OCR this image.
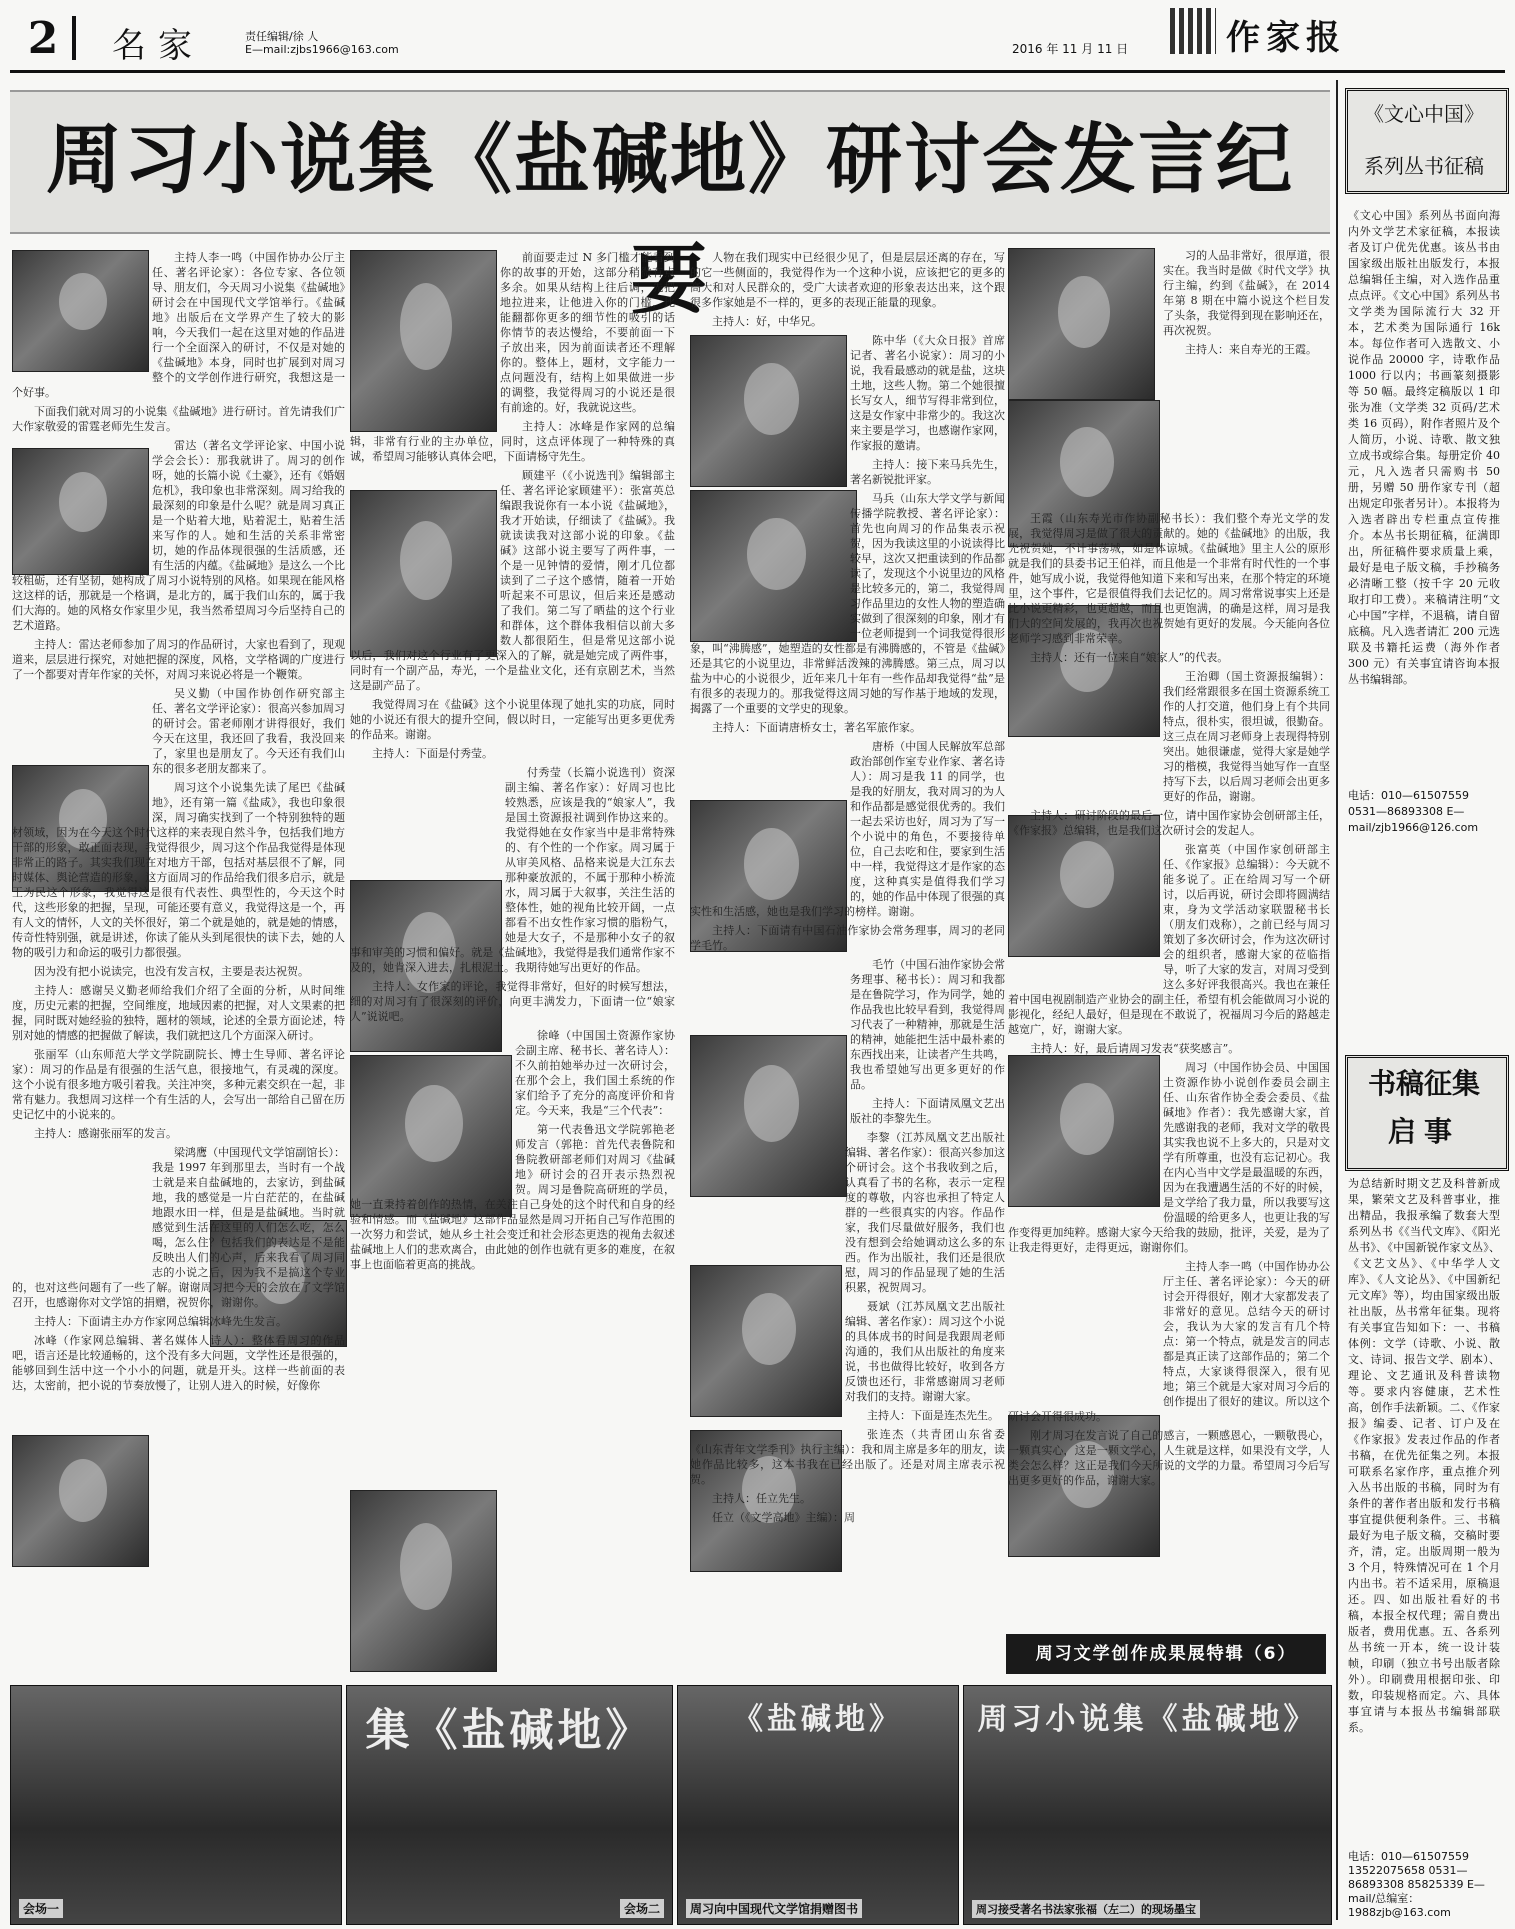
2	名家	责任编辑/徐 人
E—mail:zjbs1966@163.com	2016 年 11 月 11 日	作家报
周习小说集《盐碱地》研讨会发言纪要

主持人李一鸣（中国作协办公厅主任、著名评论家）：各位专家、各位领导、朋友们，今天周习小说集《盐碱地》研讨会在中国现代文学馆举行。《盐碱地》出版后在文学界产生了较大的影响，今天我们一起在这里对她的作品进行一个全面深入的研讨，不仅是对她的《盐碱地》本身，同时也扩展到对周习整个的文学创作进行研究，我想这是一个好事。

下面我们就对周习的小说集《盐碱地》进行研讨。首先请我们广大作家敬爱的雷霆老师先生发言。

雷达（著名文学评论家、中国小说学会会长）：那我就讲了。周习的创作呀，她的长篇小说《土豪》，还有《婚姻危机》，我印象也非常深刻。周习给我的最深刻的印象是什么呢？就是周习真正是一个贴着大地，贴着泥土，贴着生活来写作的人。她和生活的关系非常密切，她的作品体现很强的生活质感，还有生活的内蕴。《盐碱地》是这么一个比较粗砺，还有坚韧，她构成了周习小说特别的风格。如果现在能风格这这样的话，那就是一个格调，是北方的，属于我们山东的，属于我们大海的。她的风格女作家里少见，我当然希望周习今后坚持自己的艺术道路。

主持人：雷达老师参加了周习的作品研讨，大家也看到了，现观道来，层层进行探究，对她把握的深度，风格，文学格调的广度进行了一个都要对青年作家的关怀，对周习来说必将是一个鞭策。

吴义勤（中国作协创作研究部主任、著名文学评论家）：很高兴参加周习的研讨会。雷老师刚才讲得很好，我们今天在这里，我还回了我看，我没回来了，家里也是朋友了。今天还有我们山东的很多老朋友都来了。

周习这个小说集先读了尾巴《盐碱地》，还有第一篇《盐咸》，我也印象很深，周习确实找到了一个特别独特的题材领域，因为在今天这个时代这样的来表现自然斗争，包括我们地方干部的形象，敢正面表现，我觉得很少，周习这个作品我觉得是体现非常正的路子。其实我们现在对地方干部，包括对基层很不了解，同时媒体、舆论营造的形象，这方面周习的作品给我们很多启示，就是王为民这个形象，我觉得这是很有代表性、典型性的，今天这个时代，这些形象的把握，呈现，可能还要有意义，我觉得这是一个，再有人文的情怀，人文的关怀很好，第二个就是她的，就是她的情感，传奇性特别强，就是讲述，你读了能从头到尾很快的读下去，她的人物的吸引力和命运的吸引力都很强。

因为没有把小说读完，也没有发言权，主要是表达祝贺。

主持人：感谢吴义勤老师给我们介绍了全面的分析，从时间维度，历史元素的把握，空间维度，地域因素的把握，对人文果素的把握，同时既对她经验的独特，题材的领域，论述的全景方面论述，特别对她的情感的把握做了解读，我们就把这几个方面深入研讨。

张丽军（山东师范大学文学院副院长、博士生导师、著名评论家）：周习的作品是有很强的生活气息，很接地气，有灵魂的深度。这个小说有很多地方吸引着我。关注冲突，多种元素交织在一起，非常有魅力。我想周习这样一个有生活的人，会写出一部给自己留在历史记忆中的小说来的。

主持人：感谢张丽军的发言。

梁鸿鹰（中国现代文学馆副馆长）：我是 1997 年到那里去，当时有一个战士就是来自盐碱地的，去家访，到盐碱地，我的感觉是一片白茫茫的，在盐碱地跟水田一样，但是是盐碱地。当时就感觉到生活在这里的人们怎么吃，怎么喝，怎么住？包括我们的表达是不是能反映出人们的心声，后来我看了周习同志的小说之后，因为我不是搞这个专业的，也对这些问题有了一些了解。谢谢周习把今天的会放在了文学馆召开，也感谢你对文学馆的捐赠，祝贺你，谢谢你。

主持人：下面请主办方作家网总编辑冰峰先生发言。

冰峰（作家网总编辑、著名媒体人诗人）：整体看周习的作品吧，语言还是比较通畅的，这个没有多大问题，文学性还是很强的，能够回到生活中这一个小小的问题，就是开头。这样一些前面的表达，太密前，把小说的节奏放慢了，让别人进入的时候，好像你

前面要走过 N 多门槛才能看到你的故事的开始，这部分稍微有点多余。如果从结构上往后调，先把地拉进来，让他进入你的门槛，比能翻都你更多的细节性的吸引的话你情节的表达慢给，不要前面一下子放出来，因为前面读者还不理解你的。整体上，题材，文字能力一点问题没有，结构上如果做进一步的调整，我觉得周习的小说还是很有前途的。好，我就说这些。

主持人：冰峰是作家网的总编辑，非常有行业的主办单位，同时，这点评体现了一种特殊的真诚，希望周习能够认真体会吧，下面请杨守先生。

顾建平（《小说选刊》编辑部主任、著名评论家顾建平）：张富英总编跟我说你有一本小说《盐碱地》，我才开始读，仔细读了《盐碱》。我就读读我对这部小说的印象。《盐碱》这部小说主要写了两件事，一个是一见钟情的爱情，刚才几位都读到了二子这个感情，随着一开始听起来不可思议，但后来还是感动了我们。第二写了晒盐的这个行业和群体，这个群体我相信以前大多数人都很陌生，但是常见这部小说以后，我们对这个行业有了更深入的了解，就是她完成了两件事，同时有一个副产品，寿光，一个是盐业文化，还有京剧艺术，当然这是副产品了。

我觉得周习在《盐碱》这个小说里体现了她扎实的功底，同时她的小说还有很大的提升空间，假以时日，一定能写出更多更优秀的作品来。谢谢。

主持人：下面是付秀莹。

付秀莹（长篇小说选刊）资深副主编、著名作家）：好周习也比较熟悉，应该是我的“娘家人”，我是国土资源报社调到作协这来的。我觉得她在女作家当中是非常特殊的、有个性的一个作家。周习属于从审美风格、品格来说是大江东去那种豪放派的，不属于那种小桥流水，周习属于大叙事，关注生活的整体性，她的视角比较开阔，一点都看不出女性作家习惯的脂粉气，她是大女子，不是那种小女子的叙事和审美的习惯和偏好。就是《盐碱地》，我觉得是我们通常作家不及的，她肯深入进去，扎根泥土。我期待她写出更好的作品。

主持人：女作家的评论，我觉得非常好，但好的时候写想法，细的对周习有了很深刻的评价，向更丰满发力，下面请一位“娘家人”说说吧。

徐峰（中国国土资源作家协会副主席、秘书长、著名诗人）：不久前拍她举办过一次研讨会，在那个会上，我们国土系统的作家们给予了充分的高度评价和肯定。今天来，我是“三个代表”：

第一代表鲁迅文学院郭艳老师发言（郭艳：首先代表鲁院和鲁院教研部老师们对周习《盐碱地》研讨会的召开表示热烈祝贺。周习是鲁院高研班的学员，她一直秉持着创作的热情，在关注自己身处的这个时代和自身的经验和情感。而《盐碱地》这部作品显然是周习开拓自己写作范围的一次努力和尝试，她从乡土社会变迁和社会形态更迭的视角去叙述盐碱地上人们的悲欢离合，由此她的创作也就有更多的难度，在叙事上也面临着更高的挑战。

人物在我们现实中已经很少见了，但是层层还离的存在，写的它一些侧面的，我觉得作为一个这种小说，应该把它的更多的高大和对人民群众的，受广大读者欢迎的形象表达出来，这个跟很多作家她是不一样的，更多的表现正能量的现象。

主持人：好，中华兄。

陈中华（《大众日报》首席记者、著名小说家）：周习的小说，我看最感动的就是盐，这块土地，这些人物。第二个她很擅长写女人，细节写得非常到位，这是女作家中非常少的。我这次来主要是学习，也感谢作家网，作家报的邀请。

主持人：接下来马兵先生，著名新锐批评家。

马兵（山东大学文学与新闻传播学院教授、著名评论家）：首先也向周习的作品集表示祝贺，因为我读这里的小说读得比较早，这次又把重读到的作品都读了，发现这个小说里边的风格是比较多元的，第二，我觉得周习作品里边的女性人物的塑造确实做到了很深刻的印象，刚才有一位老师提到一个词我觉得很形象，叫“沸腾感”，她塑造的女性都是有沸腾感的，不管是《盐碱》还是其它的小说里边，非常鲜活泼辣的沸腾感。第三点，周习以盐为中心的小说很少，近年来几十年有一些作品却我觉得“盐”是有很多的表现力的。那我觉得这周习她的写作基于地域的发现，揭露了一个重要的文学史的现象。

主持人：下面请唐桥女士，著名军旅作家。

唐桥（中国人民解放军总部政治部创作室专业作家、著名诗人）：周习是我 11 的同学，也是我的好朋友，我对周习的为人和作品都是感觉很优秀的。我们一起去采访也好，周习为了写一个小说中的角色，不要接待单位，自己去吃和住，要家到生活中一样，我觉得这才是作家的态度，这种真实是值得我们学习的，她的作品中体现了很强的真实性和生活感，她也是我们学习的榜样。谢谢。

主持人：下面请有中国石油作家协会常务理事，周习的老同学毛竹。

毛竹（中国石油作家协会常务理事、秘书长）：周习和我都是在鲁院学习，作为同学，她的作品我也比较早看到，我觉得周习代表了一种精神，那就是生活的精神，她能把生活中最朴素的东西找出来，让读者产生共鸣，我也希望她写出更多更好的作品。

主持人：下面请凤凰文艺出版社的李黎先生。

李黎（江苏凤凰文艺出版社编辑、著名作家）：很高兴参加这个研讨会。这个书我收到之后，认真看了书的名称，表示一定程度的尊敬，内容也承担了特定人群的一些很真实的内容。作品作家，我们尽量做好服务，我们也没有想到会给她调动这么多的东西。作为出版社，我们还是很欣慰，周习的作品显现了她的生活积累，祝贺周习。

聂斌（江苏凤凰文艺出版社编辑、著名作家）：周习这个小说的具体成书的时间是我跟周老师沟通的，我们从出版社的角度来说，书也做得比较好，收到各方反馈也还行，非常感谢周习老师对我们的支持。谢谢大家。

主持人：下面是连杰先生。

张连杰（共青团山东省委《山东青年文学季刊》执行主编）：我和周主席是多年的朋友，读她作品比较多，这本书我在已经出版了。还是对周主席表示祝贺。

主持人：任立先生。

任立（《文学高地》主编）：周

习的人品非常好，很厚道，很实在。我当时是做《时代文学》执行主编，约到《盐碱》，在 2014 年第 8 期在中篇小说这个栏目发了头条，我觉得到现在影响还在，再次祝贺。

主持人：来自寿光的王霞。

王霞（山东寿光市作协副秘书长）：我们整个寿光文学的发展，我觉得周习是做了很大的贡献的。她的《盐碱地》的出版，我先祝贺她，不计事荡城，如是体谅城。《盐碱地》里主人公的原形就是我们的县委书记王伯祥，而且他是一个非常有时代性的一个事件，她写成小说，我觉得他知道下来和写出来，在那个特定的环境里，这个事件，它是很值得我们去记忆的。周习常常说事实上还是比小说更精彩，也更超越，而且也更饱满，的确是这样，周习是我们大的空间发展的，我再次也祝贺她有更好的发展。今天能向各位老师学习感到非常荣幸。

主持人：还有一位来自“娘家人”的代表。

王治卿（国土资源报编辑）：我们经常跟很多在国土资源系统工作的人打交道，他们身上有个共同特点，很朴实，很坦诚，很勤奋。这三点在周习老师身上表现得特别突出。她很谦虚，觉得大家是她学习的楷模，我觉得当她写作一直坚持写下去，以后周习老师会出更多更好的作品，谢谢。

主持人：研讨阶段的最后一位，请中国作家协会创研部主任，《作家报》总编辑，也是我们这次研讨会的发起人。

张富英（中国作家创研部主任、《作家报》总编辑）：今天就不能多说了。正在给周习写一个研讨，以后再说，研讨会即将圆满结束，身为文学活动家联盟秘书长（朋友们戏称），之前已经与周习策划了多次研讨会，作为这次研讨会的组织者，感谢大家的莅临指导，听了大家的发言，对周习受到这么多好评我很高兴。我也在兼任着中国电视剧制造产业协会的副主任，希望有机会能做周习小说的影视化，经纪人最好，但是现在不敢说了，祝福周习今后的路越走越宽广，好，谢谢大家。

主持人：好，最后请周习发表“获奖感言”。

周习（中国作协会员、中国国土资源作协小说创作委员会副主任、山东省作协全委会委员、《盐碱地》作者）：我先感谢大家，首先感谢我的老师，我对文学的敬畏其实我也说不上多大的，只是对文学有所尊重，也没有忘记初心。我在内心当中文学是最温暖的东西，因为在我遭遇生活的不好的时候，是文学给了我力量，所以我要写这份温暖的给更多人，也更让我的写作变得更加纯粹。感谢大家今天给我的鼓励，批评，关爱，是为了让我走得更好，走得更远，谢谢你们。

主持人李一鸣（中国作协办公厅主任、著名评论家）：今天的研讨会开得很好，刚才大家都发表了非常好的意见。总结今天的研讨会，我认为大家的发言有几个特点：第一个特点，就是发言的同志都是真正读了这部作品的；第二个特点，大家谈得很深入，很有见地；第三个就是大家对周习今后的创作提出了很好的建议。所以这个研讨会开得很成功。

刚才周习在发言说了自己的感言，一颗感恩心，一颗敬畏心，一颗真实心，这是一颗文学心，人生就是这样，如果没有文学，人类会怎么样？这正是我们今天所说的文学的力量。希望周习今后写出更多更好的作品，谢谢大家。

周习文学创作成果展特辑（6）
会场一
集《盐碱地》
会场二
《盐碱地》
周习向中国现代文学馆捐赠图书
周习小说集《盐碱地》
周习接受著名书法家张福（左二）的现场墨宝
《文心中国》
系列丛书征稿
《文心中国》系列丛书面向海内外文学艺术家征稿，本报读者及订户优先优惠。该丛书由国家级出版社出版发行，本报总编辑任主编，对入选作品重点点评。《文心中国》系列丛书文学类为国际流行大 32 开本，艺术类为国际通行 16k 本。每位作者可入选散文、小说作品 20000 字，诗歌作品 1000 行以内；书画篆刻摄影等 50 幅。最终定稿版以 1 印张为准（文学类 32 页码/艺术类 16 页码），附作者照片及个人简历，小说、诗歌、散文独立成书或综合集。每册定价 40 元，凡入选者只需购书 50 册，另赠 50 册作家专刊（超出规定印张者另计）。本报将为入选者辟出专栏重点宣传推介。本丛书长期征稿，征满即出，所征稿件要求质量上乘，最好是电子版文稿，手抄稿务必清晰工整（按千字 20 元收取打印工费）。来稿请注明“文心中国”字样，不退稿，请自留底稿。凡入选者请汇 200 元选联及书籍托运费（海外作者 300 元）有关事宜请咨询本报丛书编辑部。
电话：010—61507559 0531—86893308 E—mail/zjb1966@126.com
书稿征集
启事
为总结新时期文艺及科普新成果，繁荣文艺及科普事业，推出精品，我报承编了数套大型系列丛书《《当代文库》、《阳光丛书》、《中国新锐作家文丛》、《文艺文丛》、《中华学人文库》、《人文论丛》、《中国新纪元文库》等），均由国家级出版社出版，丛书常年征集。现将有关事宜告知如下：一、书稿体例：文学（诗歌、小说、散文、诗词、报告文学、剧本）、理论、文艺通讯及科普读物等。要求内容健康，艺术性高，创作手法新颖。二、《作家报》编委、记者、订户及在《作家报》发表过作品的作者书稿，在优先征集之列。本报可联系名家作序，重点推介列入丛书出版的书稿，同时为有条件的著作者出版和发行书稿事宜提供便利条件。三、书稿最好为电子版文稿，交稿时要齐，清，定。出版周期一般为 3 个月，特殊情况可在 1 个月内出书。若不适采用，原稿退还。四、如出版社看好的书稿，本报全权代理；需自费出版者，费用优惠。五、各系列丛书统一开本，统一设计装帧，印刷（独立书号出版者除外）。印刷费用根据印张、印数，印装规格而定。六、具体事宜请与本报丛书编辑部联系。
电话：010—61507559 13522075658 0531—86893308 85825339 E—mail/总编室：1988zjb@163.com
